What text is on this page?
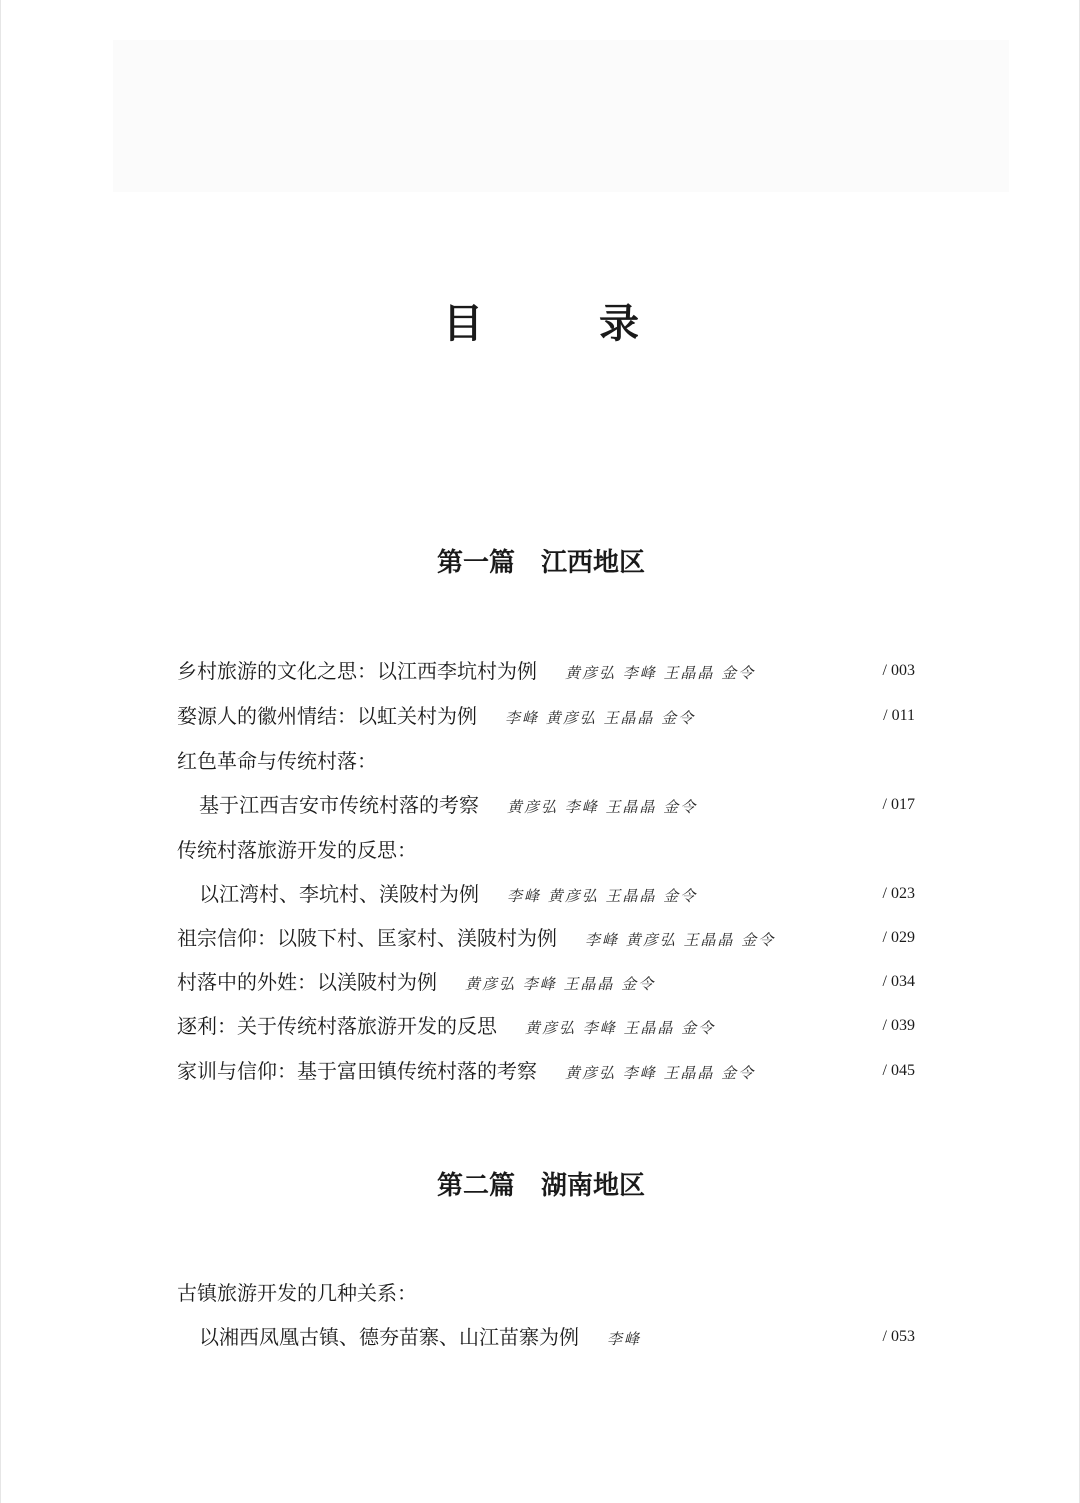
目　录
第一篇 江西地区
乡村旅游的文化之思：以江西李坑村为例 黄彦弘 李峰 王晶晶 金令	/ 003
婺源人的徽州情结：以虹关村为例 李峰 黄彦弘 王晶晶 金令	/ 011
红色革命与传统村落：
基于江西吉安市传统村落的考察 黄彦弘 李峰 王晶晶 金令	/ 017
传统村落旅游开发的反思：
以江湾村、李坑村、渼陂村为例 李峰 黄彦弘 王晶晶 金令	/ 023
祖宗信仰：以陂下村、匡家村、渼陂村为例 李峰 黄彦弘 王晶晶 金令	/ 029
村落中的外姓：以渼陂村为例 黄彦弘 李峰 王晶晶 金令	/ 034
逐利：关于传统村落旅游开发的反思 黄彦弘 李峰 王晶晶 金令	/ 039
家训与信仰：基于富田镇传统村落的考察 黄彦弘 李峰 王晶晶 金令	/ 045
第二篇 湖南地区
古镇旅游开发的几种关系：
以湘西凤凰古镇、德夯苗寨、山江苗寨为例 李峰	/ 053
